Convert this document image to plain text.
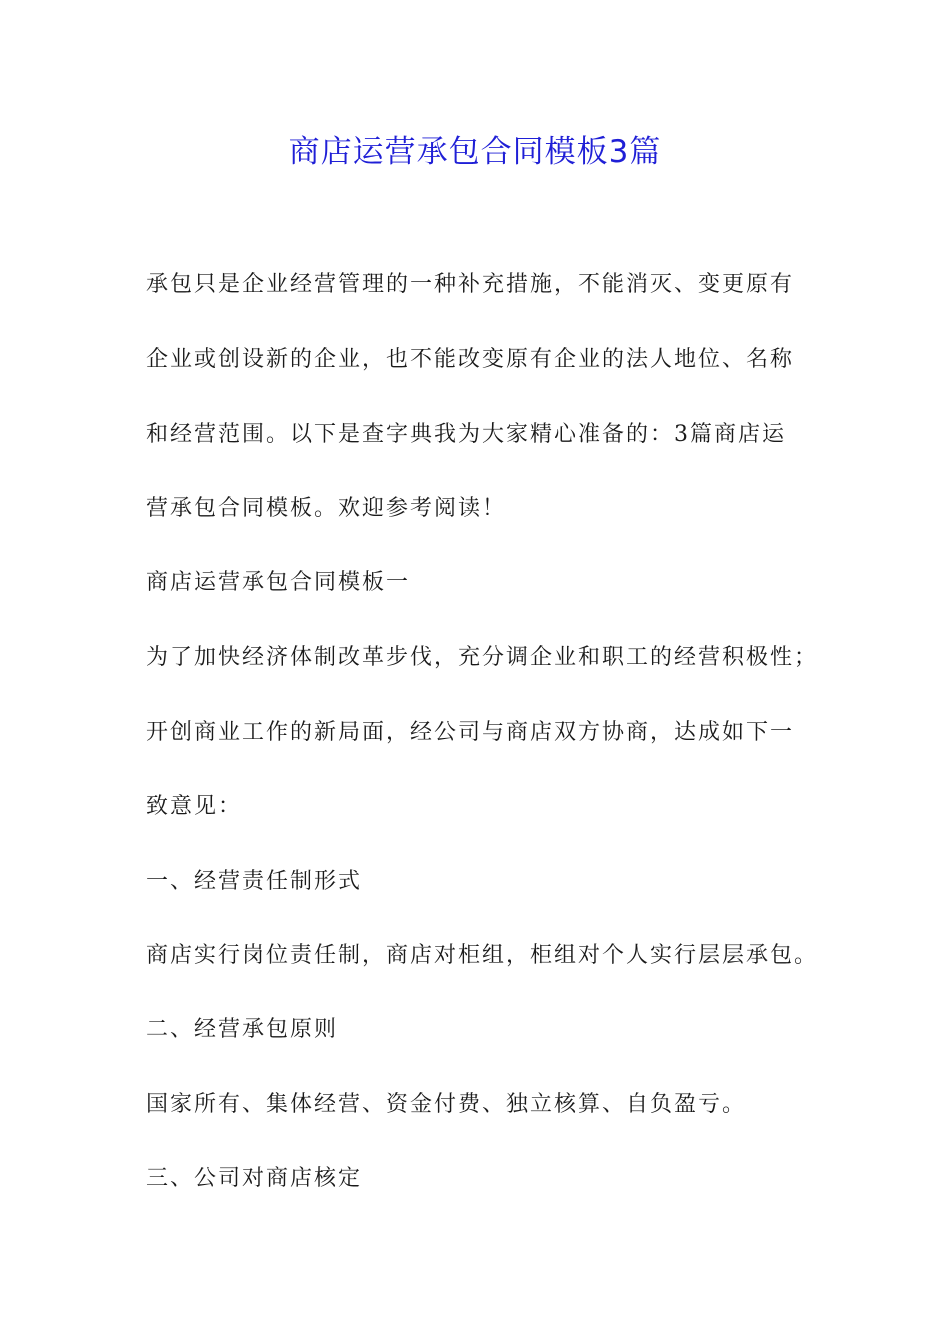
商店运营承包合同模板3篇
承包只是企业经营管理的一种补充措施，不能消灭、变更原有
企业或创设新的企业，也不能改变原有企业的法人地位、名称
和经营范围。以下是查字典我为大家精心准备的：3篇商店运
营承包合同模板。欢迎参考阅读！
商店运营承包合同模板一
为了加快经济体制改革步伐，充分调企业和职工的经营积极性；
开创商业工作的新局面，经公司与商店双方协商，达成如下一
致意见：
一、经营责任制形式
商店实行岗位责任制，商店对柜组，柜组对个人实行层层承包。
二、经营承包原则
国家所有、集体经营、资金付费、独立核算、自负盈亏。
三、公司对商店核定
